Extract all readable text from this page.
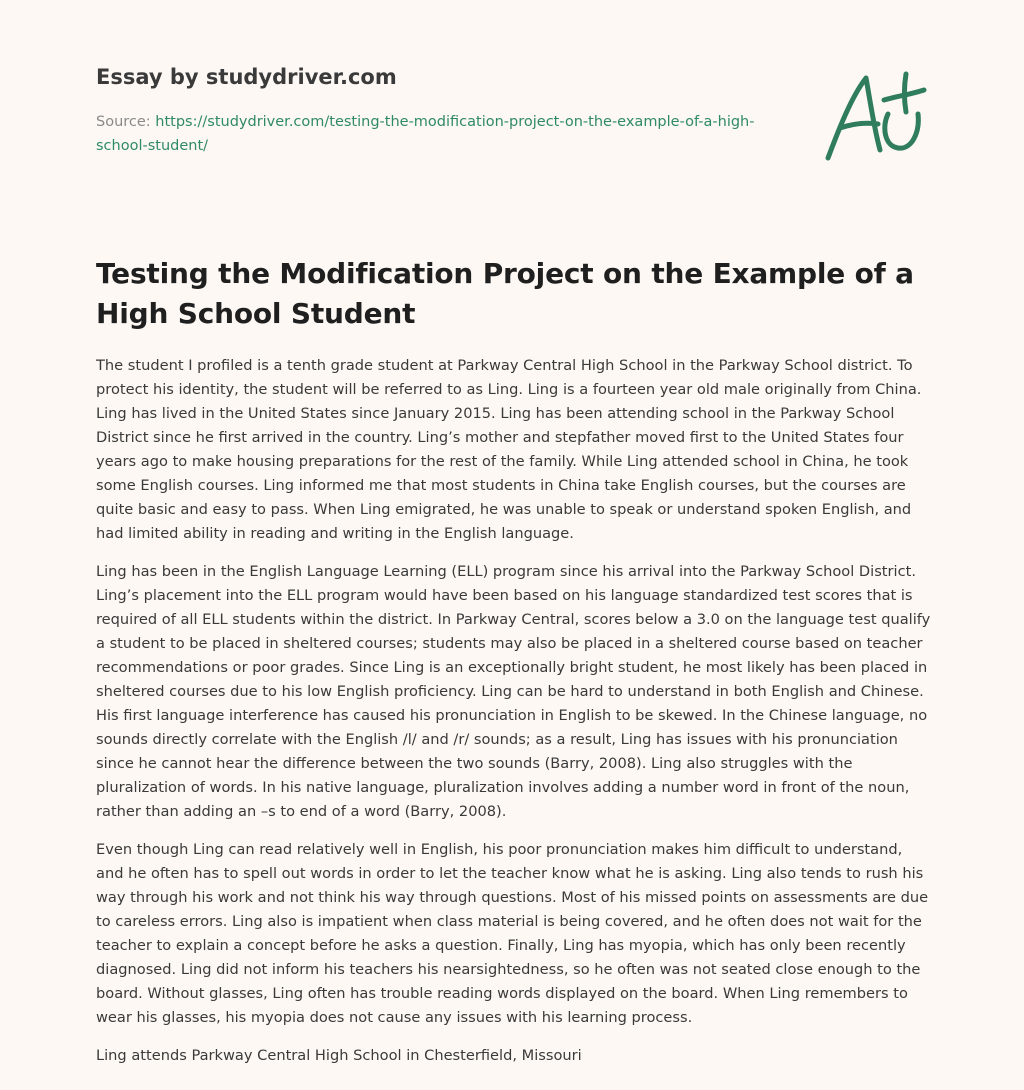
Essay by studydriver.com
Source: https://studydriver.com/testing-the-modification-project-on-the-example-of-a-high-school-student/
Testing the Modification Project on the Example of a High School Student

The student I profiled is a tenth grade student at Parkway Central High School in the Parkway School district. To protect his identity, the student will be referred to as Ling. Ling is a fourteen year old male originally from China. Ling has lived in the United States since January 2015. Ling has been attending school in the Parkway School District since he first arrived in the country. Ling’s mother and stepfather moved first to the United States four years ago to make housing preparations for the rest of the family. While Ling attended school in China, he took some English courses. Ling informed me that most students in China take English courses, but the courses are quite basic and easy to pass. When Ling emigrated, he was unable to speak or understand spoken English, and had limited ability in reading and writing in the English language.

Ling has been in the English Language Learning (ELL) program since his arrival into the Parkway School District. Ling’s placement into the ELL program would have been based on his language standardized test scores that is required of all ELL students within the district. In Parkway Central, scores below a 3.0 on the language test qualify a student to be placed in sheltered courses; students may also be placed in a sheltered course based on teacher recommendations or poor grades. Since Ling is an exceptionally bright student, he most likely has been placed in sheltered courses due to his low English proficiency. Ling can be hard to understand in both English and Chinese. His first language interference has caused his pronunciation in English to be skewed. In the Chinese language, no sounds directly correlate with the English /l/ and /r/ sounds; as a result, Ling has issues with his pronunciation since he cannot hear the difference between the two sounds (Barry, 2008). Ling also struggles with the pluralization of words. In his native language, pluralization involves adding a number word in front of the noun, rather than adding an –s to end of a word (Barry, 2008).

Even though Ling can read relatively well in English, his poor pronunciation makes him difficult to understand, and he often has to spell out words in order to let the teacher know what he is asking. Ling also tends to rush his way through his work and not think his way through questions. Most of his missed points on assessments are due to careless errors. Ling also is impatient when class material is being covered, and he often does not wait for the teacher to explain a concept before he asks a question. Finally, Ling has myopia, which has only been recently diagnosed. Ling did not inform his teachers his nearsightedness, so he often was not seated close enough to the board. Without glasses, Ling often has trouble reading words displayed on the board. When Ling remembers to wear his glasses, his myopia does not cause any issues with his learning process.

Ling attends Parkway Central High School in Chesterfield, Missouri
